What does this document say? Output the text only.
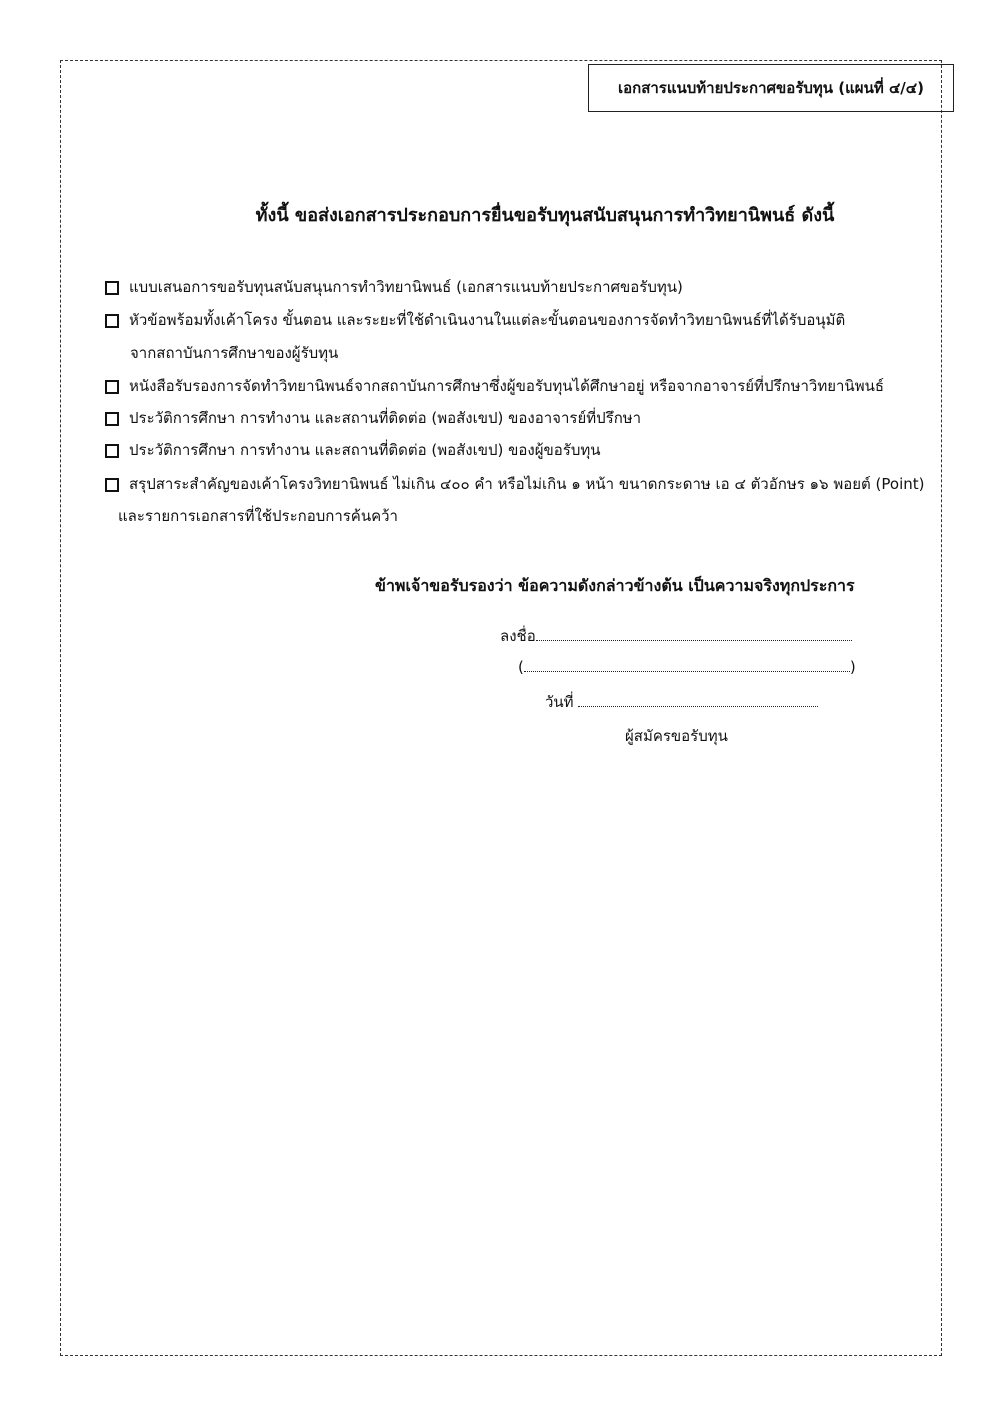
เอกสารแนบท้ายประกาศขอรับทุน (แผนที่ ๔/๔)
ทั้งนี้ ขอส่งเอกสารประกอบการยื่นขอรับทุนสนับสนุนการทำวิทยานิพนธ์ ดังนี้
แบบเสนอการขอรับทุนสนับสนุนการทำวิทยานิพนธ์ (เอกสารแนบท้ายประกาศขอรับทุน)
หัวข้อพร้อมทั้งเค้าโครง ขั้นตอน และระยะที่ใช้ดำเนินงานในแต่ละขั้นตอนของการจัดทำวิทยานิพนธ์ที่ได้รับอนุมัติ
จากสถาบันการศึกษาของผู้รับทุน
หนังสือรับรองการจัดทำวิทยานิพนธ์จากสถาบันการศึกษาซึ่งผู้ขอรับทุนได้ศึกษาอยู่ หรือจากอาจารย์ที่ปรึกษาวิทยานิพนธ์
ประวัติการศึกษา การทำงาน และสถานที่ติดต่อ (พอสังเขป) ของอาจารย์ที่ปรึกษา
ประวัติการศึกษา การทำงาน และสถานที่ติดต่อ (พอสังเขป) ของผู้ขอรับทุน
สรุปสาระสำคัญของเค้าโครงวิทยานิพนธ์ ไม่เกิน ๔๐๐ คำ หรือไม่เกิน ๑ หน้า ขนาดกระดาษ เอ ๔ ตัวอักษร ๑๖ พอยต์ (Point)
และรายการเอกสารที่ใช้ประกอบการค้นคว้า
ข้าพเจ้าขอรับรองว่า ข้อความดังกล่าวข้างต้น เป็นความจริงทุกประการ
ลงชื่อ
(	)
วันที่
ผู้สมัครขอรับทุน
